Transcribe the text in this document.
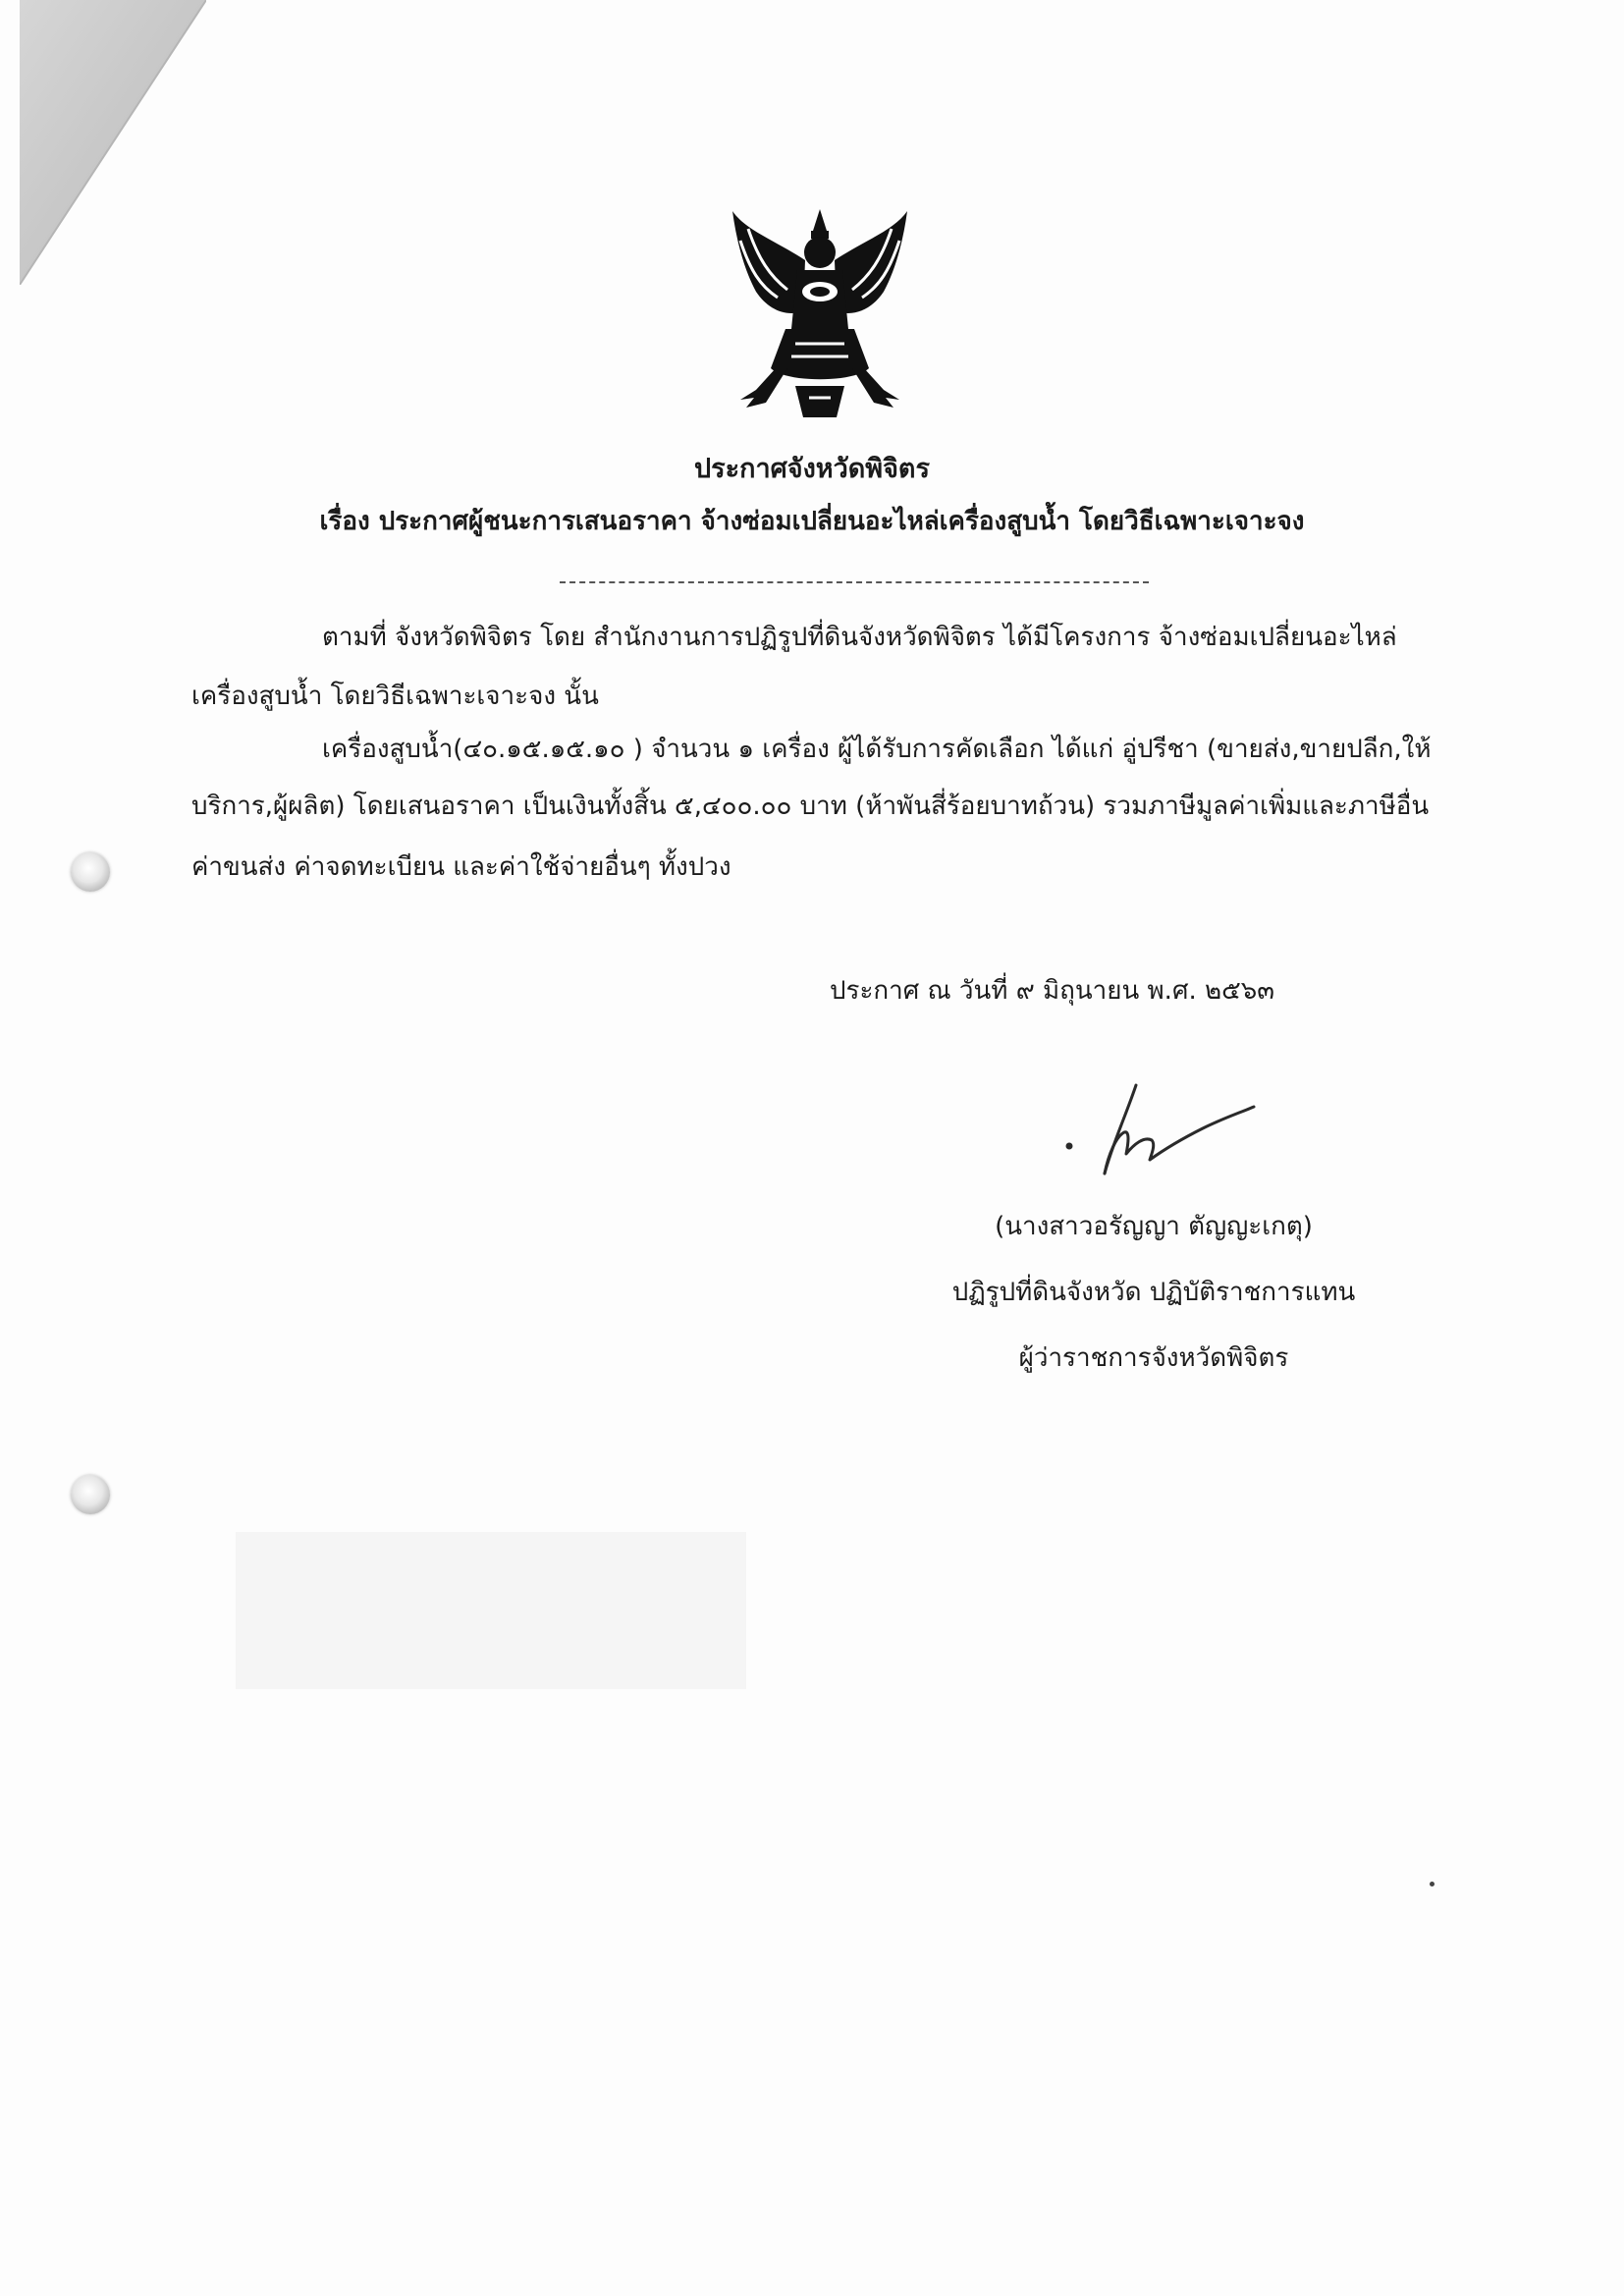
ประกาศจังหวัดพิจิตร
เรื่อง ประกาศผู้ชนะการเสนอราคา จ้างซ่อมเปลี่ยนอะไหล่เครื่องสูบน้ำ โดยวิธีเฉพาะเจาะจง
ตามที่ จังหวัดพิจิตร โดย สำนักงานการปฏิรูปที่ดินจังหวัดพิจิตร ได้มีโครงการ จ้างซ่อมเปลี่ยนอะไหล่
เครื่องสูบน้ำ โดยวิธีเฉพาะเจาะจง นั้น
เครื่องสูบน้ำ(๔๐.๑๕.๑๕.๑๐ ) จำนวน ๑ เครื่อง ผู้ได้รับการคัดเลือก ได้แก่ อู่ปรีชา (ขายส่ง,ขายปลีก,ให้
บริการ,ผู้ผลิต) โดยเสนอราคา เป็นเงินทั้งสิ้น ๕,๔๐๐.๐๐ บาท (ห้าพันสี่ร้อยบาทถ้วน) รวมภาษีมูลค่าเพิ่มและภาษีอื่น
ค่าขนส่ง ค่าจดทะเบียน และค่าใช้จ่ายอื่นๆ ทั้งปวง
ประกาศ ณ วันที่ ๙ มิถุนายน พ.ศ. ๒๕๖๓
(นางสาวอรัญญา ตัญญะเกตุ)
ปฏิรูปที่ดินจังหวัด ปฏิบัติราชการแทน
ผู้ว่าราชการจังหวัดพิจิตร
